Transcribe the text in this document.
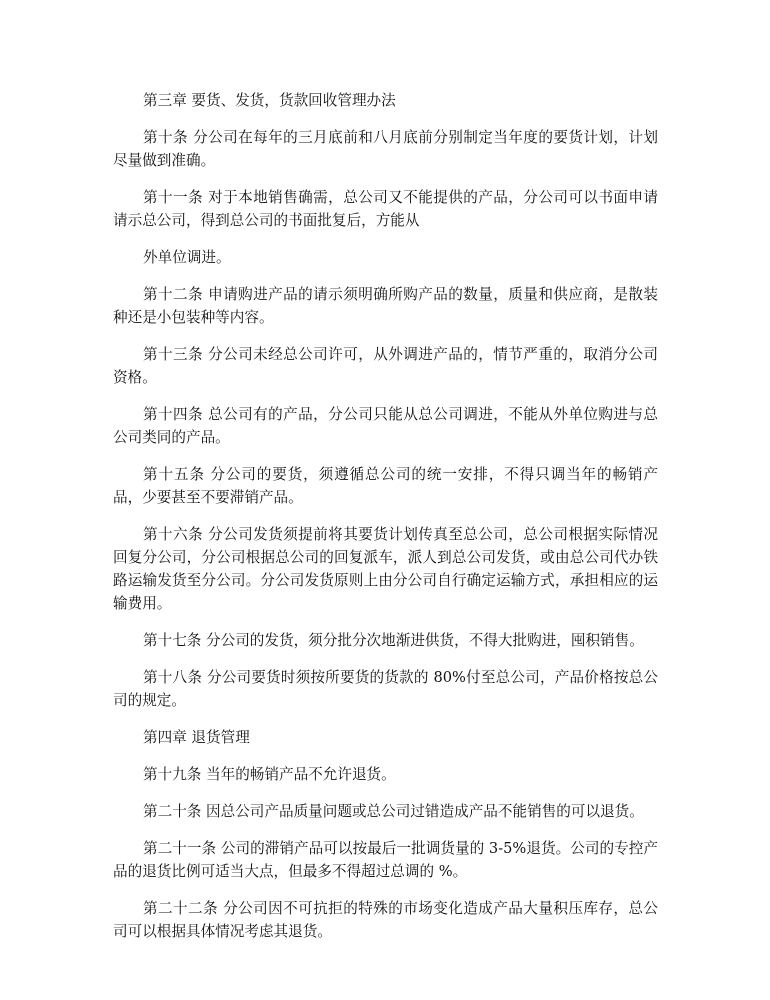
第三章 要货、发货，货款回收管理办法

第十条 分公司在每年的三月底前和八月底前分别制定当年度的要货计划，计划尽量做到准确。

第十一条 对于本地销售确需，总公司又不能提供的产品，分公司可以书面申请请示总公司，得到总公司的书面批复后，方能从

外单位调进。

第十二条 申请购进产品的请示须明确所购产品的数量，质量和供应商，是散装种还是小包装种等内容。

第十三条 分公司未经总公司许可，从外调进产品的，情节严重的，取消分公司资格。

第十四条 总公司有的产品，分公司只能从总公司调进，不能从外单位购进与总公司类同的产品。

第十五条 分公司的要货，须遵循总公司的统一安排，不得只调当年的畅销产品，少要甚至不要滞销产品。

第十六条 分公司发货须提前将其要货计划传真至总公司，总公司根据实际情况回复分公司，分公司根据总公司的回复派车，派人到总公司发货，或由总公司代办铁路运输发货至分公司。分公司发货原则上由分公司自行确定运输方式，承担相应的运输费用。

第十七条 分公司的发货，须分批分次地渐进供货，不得大批购进，囤积销售。

第十八条 分公司要货时须按所要货的货款的 80%付至总公司，产品价格按总公司的规定。

第四章 退货管理

第十九条 当年的畅销产品不允许退货。

第二十条 因总公司产品质量问题或总公司过错造成产品不能销售的可以退货。

第二十一条 公司的滞销产品可以按最后一批调货量的 3-5%退货。公司的专控产品的退货比例可适当大点，但最多不得超过总调的 %。

第二十二条 分公司因不可抗拒的特殊的市场变化造成产品大量积压库存，总公司可以根据具体情况考虑其退货。
